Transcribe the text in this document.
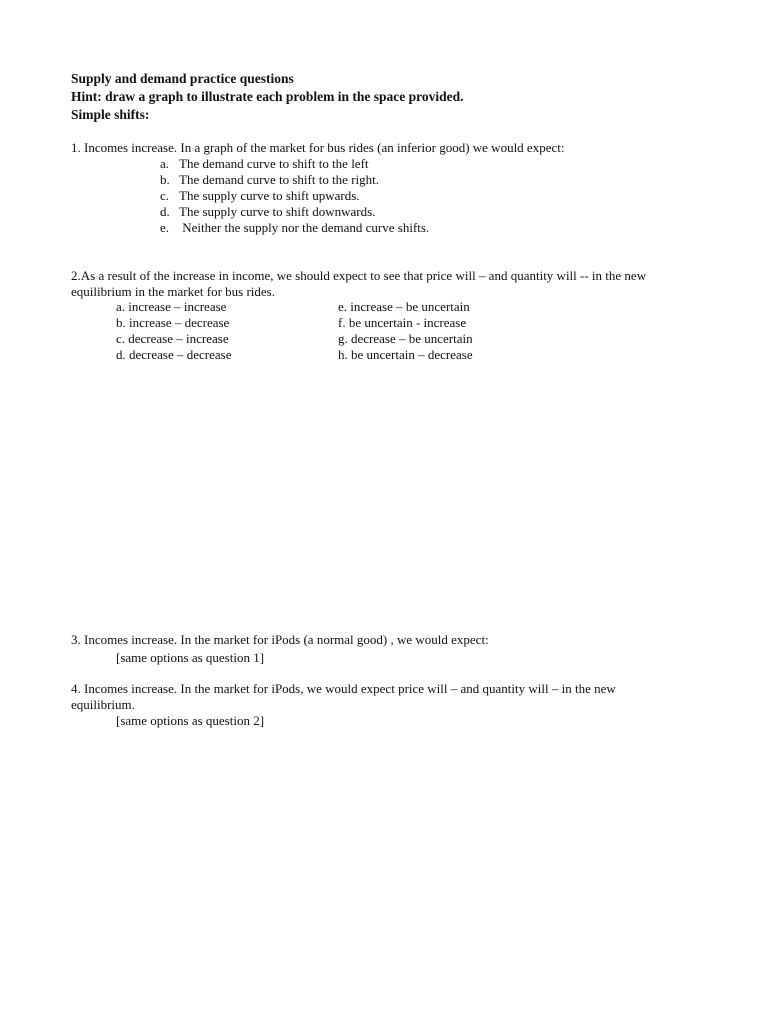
Supply and demand practice questions
Hint: draw a graph to illustrate each problem in the space provided.
Simple shifts:
1. Incomes increase. In a graph of the market for bus rides (an inferior good) we would expect:
a. The demand curve to shift to the left
b. The demand curve to shift to the right.
c. The supply curve to shift upwards.
d. The supply curve to shift downwards.
e. Neither the supply nor the demand curve shifts.
2.As a result of the increase in income, we should expect to see that price will – and quantity will -- in the new
equilibrium in the market for bus rides.
a. increase – increase
b. increase – decrease
c. decrease – increase
d. decrease – decrease
e. increase – be uncertain
f. be uncertain - increase
g. decrease – be uncertain
h. be uncertain – decrease
3. Incomes increase. In the market for iPods (a normal good) , we would expect:
[same options as question 1]
4. Incomes increase. In the market for iPods, we would expect price will – and quantity will – in the new
equilibrium.
[same options as question 2]
